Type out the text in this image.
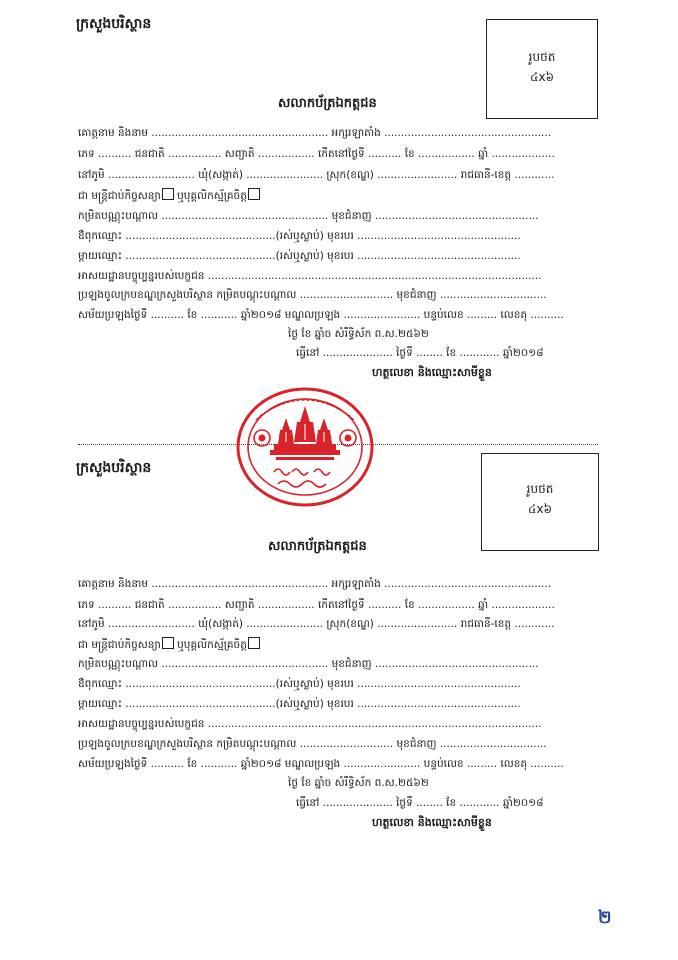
ក្រសួងបរិស្ថាន
រូបថត
៤x៦
សលាកប័ត្រឯកត្តជន
គោត្តនាម និងនាម ..................................................... អក្សរឡាតាំង ..................................................
ភេទ .......... ជនជាតិ ................ សញ្ជាតិ ................. កើតនៅថ្ងៃទី .......... ខែ ................. ឆ្នាំ ...................
នៅភូមិ .......................... ឃុំ(សង្កាត់) ....................... ស្រុក(ខណ្ឌ) ........................ រាជធានី-ខេត្ត ............
ជា មន្ត្រីជាប់កិច្ចសន្យា ឬបុគ្គលិកស្ម័គ្រចិត្ត
កម្រិតបណ្ណុះបណ្ដាល .................................................. មុខជំនាញ .................................................
ឳពុកឈ្មោះ .............................................(រស់ឬស្លាប់) មុខរបរ .................................................
ម្ដាយឈ្មោះ .............................................(រស់ឬស្លាប់) មុខរបរ .................................................
អាសយដ្ឋានបច្ចុប្បន្នរបស់បេក្ខជន ....................................................................................................
ប្រឡងចូលក្របខណ្ឌក្រសួងបរិស្ថាន កម្រិតបណ្ដុះបណ្ដាល ............................ មុខជំនាញ ................................
សម័យប្រឡងថ្ងៃទី .......... ខែ ........... ឆ្នាំ២០១៨ មណ្ឌលប្រឡង ....................... បន្ទប់លេខ ......... លេខតុ ..........
ថ្ងៃ ខែ ឆ្នាំច សំរឹទ្ធិស័ក ព.ស.២៥៦២
ធ្វើនៅ ..................... ថ្ងៃទី ........ ខែ ............ ឆ្នាំ២០១៨
ហត្ថលេខា និងឈ្មោះសាមីខ្លួន
ក្រសួងបរិស្ថាន
រូបថត
៤x៦
សលាកប័ត្រឯកត្តជន
គោត្តនាម និងនាម ..................................................... អក្សរឡាតាំង ..................................................
ភេទ .......... ជនជាតិ ................ សញ្ជាតិ ................. កើតនៅថ្ងៃទី .......... ខែ ................. ឆ្នាំ ...................
នៅភូមិ .......................... ឃុំ(សង្កាត់) ....................... ស្រុក(ខណ្ឌ) ........................ រាជធានី-ខេត្ត ............
ជា មន្ត្រីជាប់កិច្ចសន្យា ឬបុគ្គលិកស្ម័គ្រចិត្ត
កម្រិតបណ្ណុះបណ្ដាល .................................................. មុខជំនាញ .................................................
ឳពុកឈ្មោះ .............................................(រស់ឬស្លាប់) មុខរបរ .................................................
ម្ដាយឈ្មោះ .............................................(រស់ឬស្លាប់) មុខរបរ .................................................
អាសយដ្ឋានបច្ចុប្បន្នរបស់បេក្ខជន ....................................................................................................
ប្រឡងចូលក្របខណ្ឌក្រសួងបរិស្ថាន កម្រិតបណ្ដុះបណ្ដាល ............................ មុខជំនាញ ................................
សម័យប្រឡងថ្ងៃទី .......... ខែ ........... ឆ្នាំ២០១៨ មណ្ឌលប្រឡង ....................... បន្ទប់លេខ ......... លេខតុ ..........
ថ្ងៃ ខែ ឆ្នាំច សំរឹទ្ធិស័ក ព.ស.២៥៦២
ធ្វើនៅ ..................... ថ្ងៃទី ........ ខែ ............ ឆ្នាំ២០១៨
ហត្ថលេខា និងឈ្មោះសាមីខ្លួន
២
